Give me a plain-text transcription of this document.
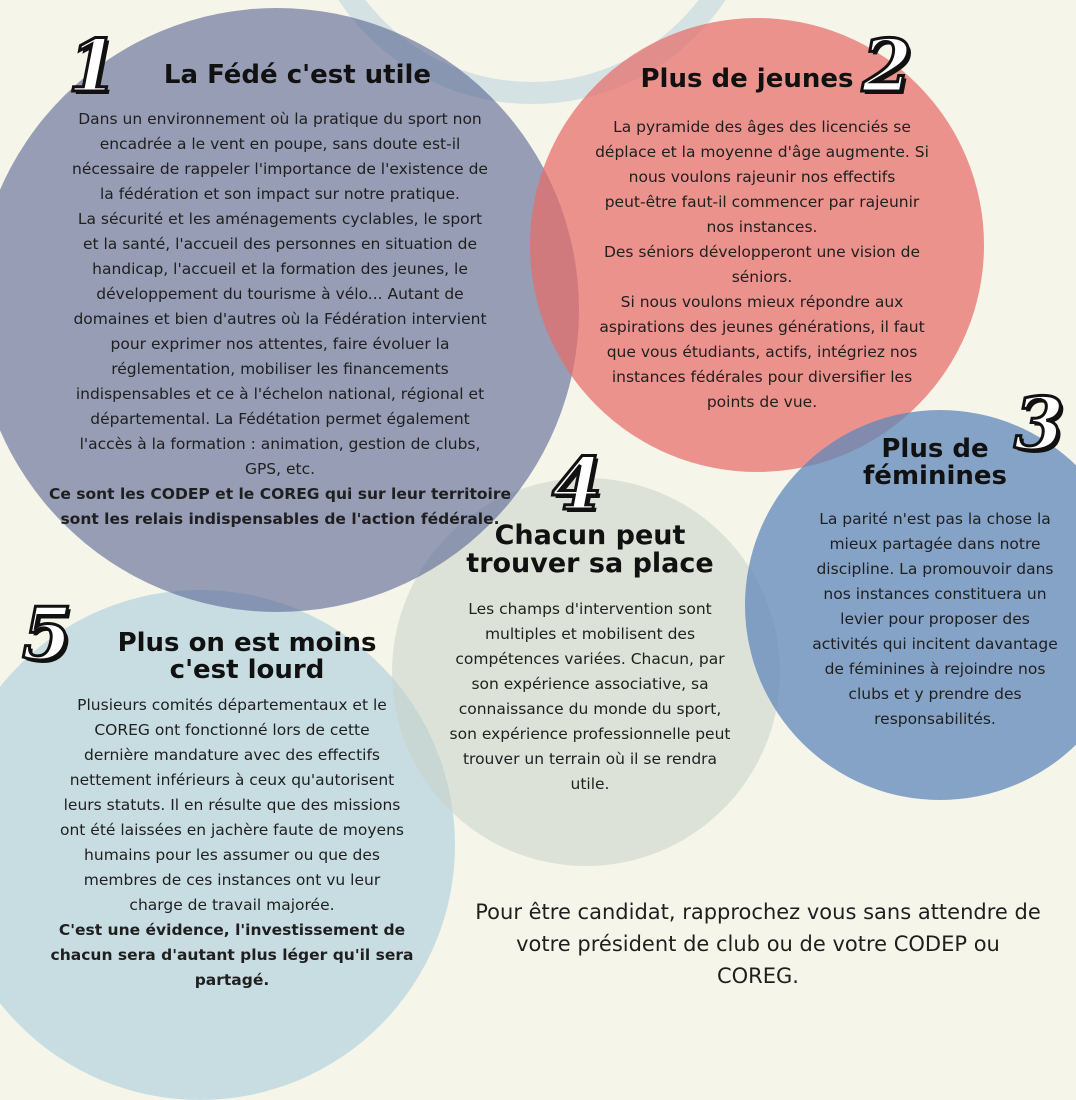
1	La Fédé c'est utile

Dans un environnement où la pratique du sport non
encadrée a le vent en poupe, sans doute est-il
nécessaire de rappeler l'importance de l'existence de
la fédération et son impact sur notre pratique.
La sécurité et les aménagements cyclables, le sport
et la santé, l'accueil des personnes en situation de
handicap, l'accueil et la formation des jeunes, le
développement du tourisme à vélo... Autant de
domaines et bien d'autres où la Fédération intervient
pour exprimer nos attentes, faire évoluer la
réglementation, mobiliser les financements
indispensables et ce à l'échelon national, régional et
départemental. La Fédétation permet également
l'accès à la formation : animation, gestion de clubs,
GPS, etc.
Ce sont les CODEP et le COREG qui sur leur territoire
sont les relais indispensables de l'action fédérale.

2
Plus de jeunes

La pyramide des âges des licenciés se
déplace et la moyenne d'âge augmente. Si
nous voulons rajeunir nos effectifs
peut-être faut-il commencer par rajeunir
nos instances.
Des séniors développeront une vision de
séniors.
Si nous voulons mieux répondre aux
aspirations des jeunes générations, il faut
que vous étudiants, actifs, intégriez nos
instances fédérales pour diversifier les
points de vue.	3
Plus de
féminines

La parité n'est pas la chose la
mieux partagée dans notre
discipline. La promouvoir dans
nos instances constituera un
levier pour proposer des
activités qui incitent davantage
de féminines à rejoindre nos
clubs et y prendre des
responsabilités.

4
Chacun peut
trouver sa place

Les champs d'intervention sont
multiples et mobilisent des
compétences variées. Chacun, par
son expérience associative, sa
connaissance du monde du sport,
son expérience professionnelle peut
trouver un terrain où il se rendra
utile.

5	Plus on est moins
c'est lourd

Plusieurs comités départementaux et le
COREG ont fonctionné lors de cette
dernière mandature avec des effectifs
nettement inférieurs à ceux qu'autorisent
leurs statuts. Il en résulte que des missions
ont été laissées en jachère faute de moyens
humains pour les assumer ou que des
membres de ces instances ont vu leur
charge de travail majorée.
C'est une évidence, l'investissement de
chacun sera d'autant plus léger qu'il sera
partagé.

Pour être candidat, rapprochez vous sans attendre de
votre président de club ou de votre CODEP ou
COREG.
